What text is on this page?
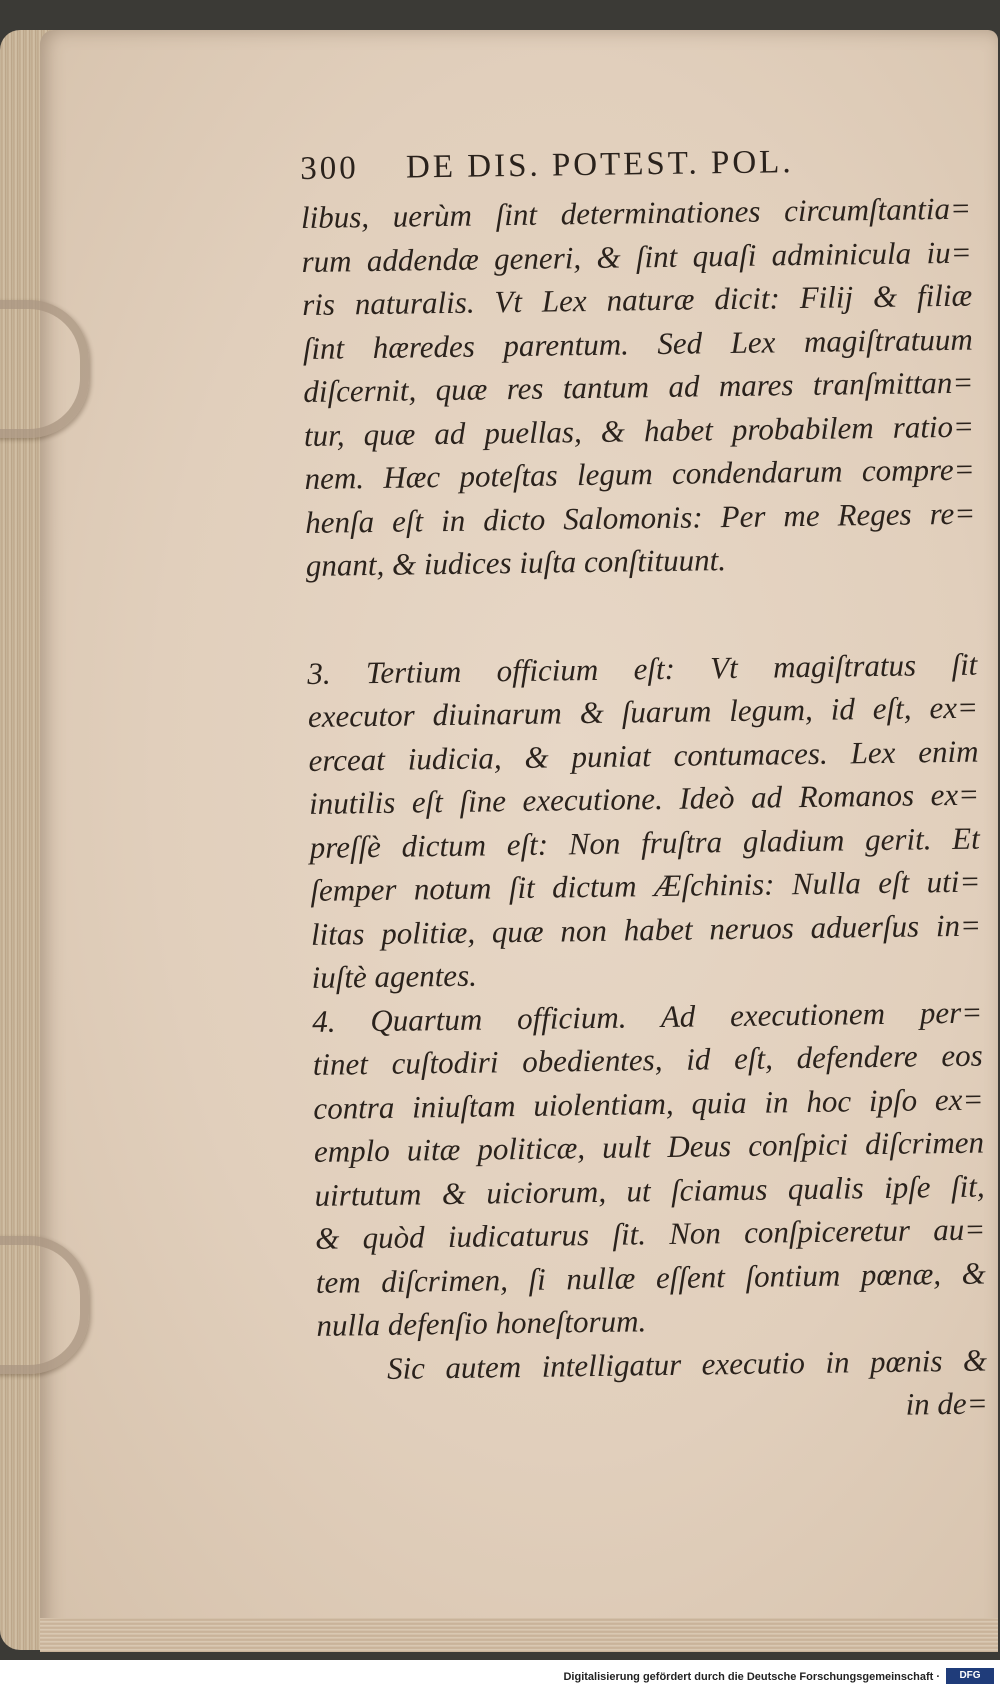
300 DE DIS. POTEST. POL.
libus, uerùm ſint determinationes circumſtantia=
rum addendæ generi, & ſint quaſi adminicula iu=
ris naturalis. Vt Lex naturæ dicit: Filij & filiæ
ſint hæredes parentum. Sed Lex magiſtratuum
diſcernit, quæ res tantum ad mares tranſmittan=
tur, quæ ad puellas, & habet probabilem ratio=
nem. Hæc poteſtas legum condendarum compre=
henſa eſt in dicto Salomonis: Per me Reges re=
gnant, & iudices iuſta conſtituunt.
3. Tertium officium eſt: Vt magiſtratus ſit
executor diuinarum & ſuarum legum, id eſt, ex=
erceat iudicia, & puniat contumaces. Lex enim
inutilis eſt ſine executione. Ideò ad Romanos ex=
preſſè dictum eſt: Non fruſtra gladium gerit. Et
ſemper notum ſit dictum Æſchinis: Nulla eſt uti=
litas politiæ, quæ non habet neruos aduerſus in=
iuſtè agentes.
4. Quartum officium. Ad executionem per=
tinet cuſtodiri obedientes, id eſt, defendere eos
contra iniuſtam uiolentiam, quia in hoc ipſo ex=
emplo uitæ politicæ, uult Deus conſpici diſcrimen
uirtutum & uiciorum, ut ſciamus qualis ipſe ſit,
& quòd iudicaturus ſit. Non conſpiceretur au=
tem diſcrimen, ſi nullæ eſſent ſontium pœnæ, &
nulla defenſio honeſtorum.
Sic autem intelligatur executio in pœnis &
in de=
Digitalisierung gefördert durch die Deutsche Forschungsgemeinschaft ·	DFG
